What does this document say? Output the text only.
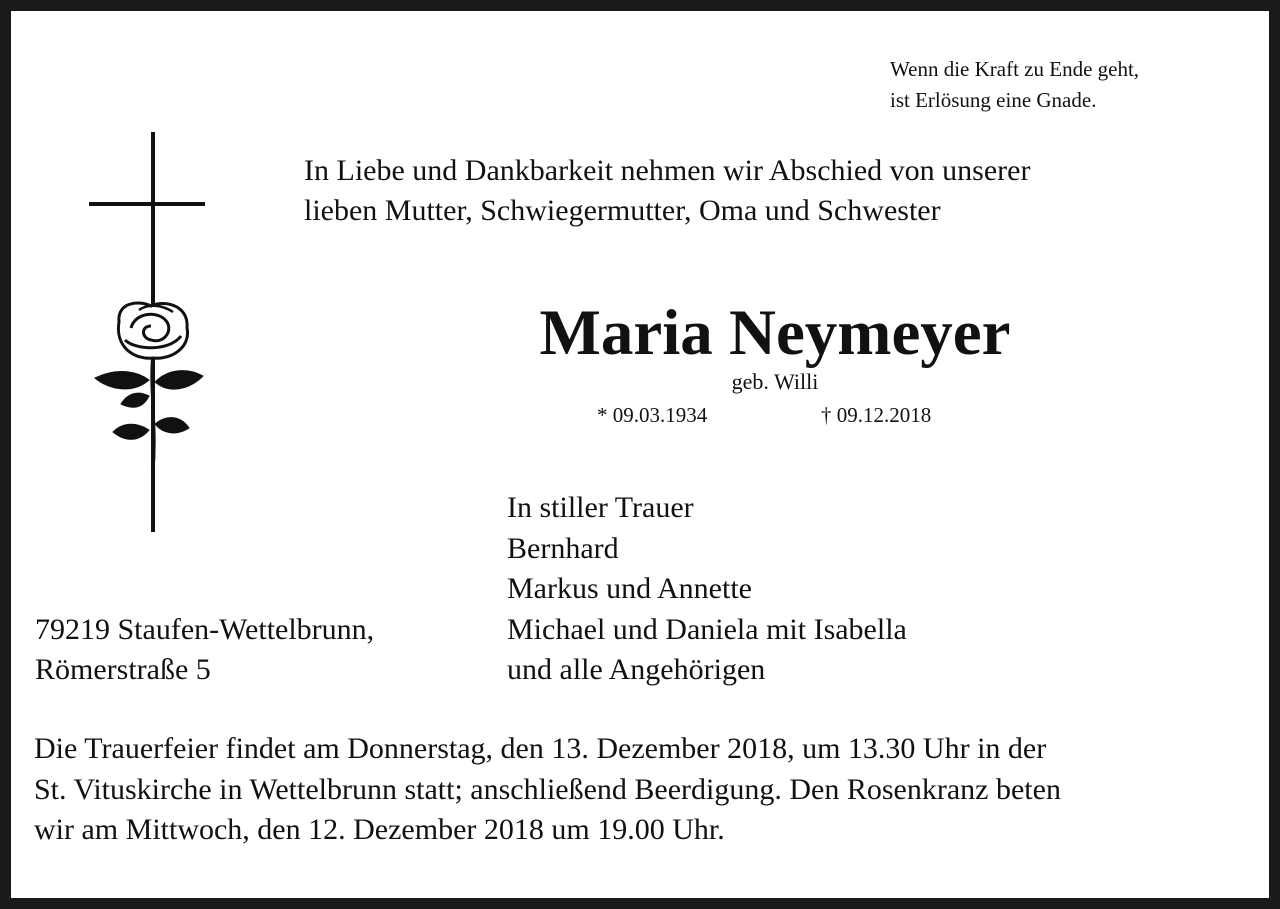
Wenn die Kraft zu Ende geht,
ist Erlösung eine Gnade.
In Liebe und Dankbarkeit nehmen wir Abschied von unserer
lieben Mutter, Schwiegermutter, Oma und Schwester
Maria Neymeyer
geb. Willi
* 09.03.1934	† 09.12.2018
In stiller Trauer
Bernhard
Markus und Annette
Michael und Daniela mit Isabella
und alle Angehörigen
79219 Staufen-Wettelbrunn,
Römerstraße 5
Die Trauerfeier findet am Donnerstag, den 13. Dezember 2018, um 13.30 Uhr in der
St. Vituskirche in Wettelbrunn statt; anschließend Beerdigung. Den Rosenkranz beten
wir am Mittwoch, den 12. Dezember 2018 um 19.00 Uhr.
